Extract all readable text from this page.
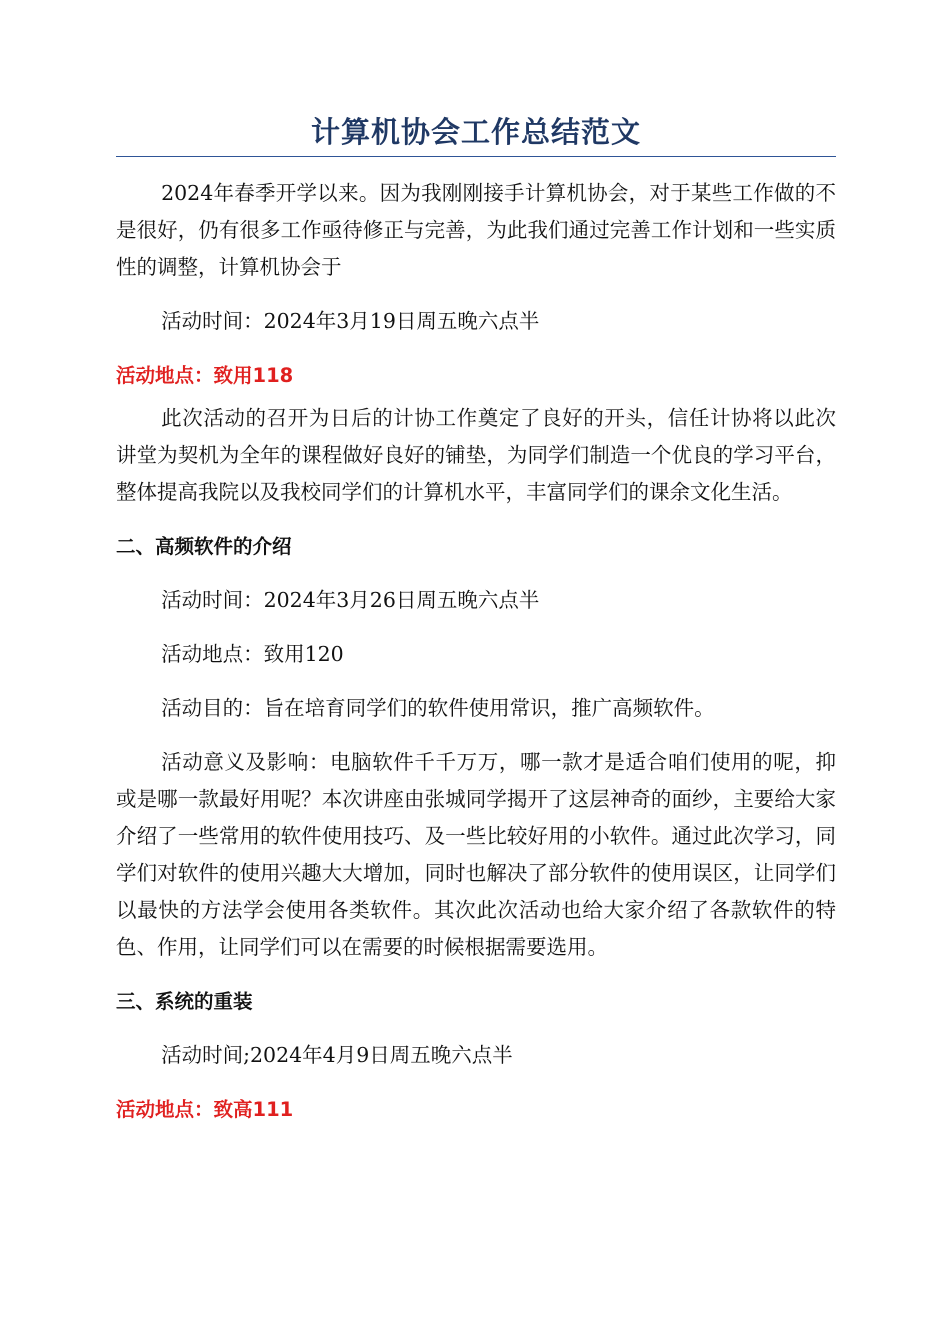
计算机协会工作总结范文

2024年春季开学以来。因为我刚刚接手计算机协会，对于某些工作做的不是很好，仍有很多工作亟待修正与完善，为此我们通过完善工作计划和一些实质性的调整，计算机协会于

活动时间：2024年3月19日周五晚六点半

活动地点：致用118

此次活动的召开为日后的计协工作奠定了良好的开头，信任计协将以此次讲堂为契机为全年的课程做好良好的铺垫，为同学们制造一个优良的学习平台，整体提高我院以及我校同学们的计算机水平，丰富同学们的课余文化生活。

二、高频软件的介绍

活动时间：2024年3月26日周五晚六点半

活动地点：致用120

活动目的：旨在培育同学们的软件使用常识，推广高频软件。

活动意义及影响：电脑软件千千万万，哪一款才是适合咱们使用的呢，抑或是哪一款最好用呢？本次讲座由张城同学揭开了这层神奇的面纱，主要给大家介绍了一些常用的软件使用技巧、及一些比较好用的小软件。通过此次学习，同学们对软件的使用兴趣大大增加，同时也解决了部分软件的使用误区，让同学们以最快的方法学会使用各类软件。其次此次活动也给大家介绍了各款软件的特色、作用，让同学们可以在需要的时候根据需要选用。

三、系统的重装

活动时间;2024年4月9日周五晚六点半

活动地点：致高111
